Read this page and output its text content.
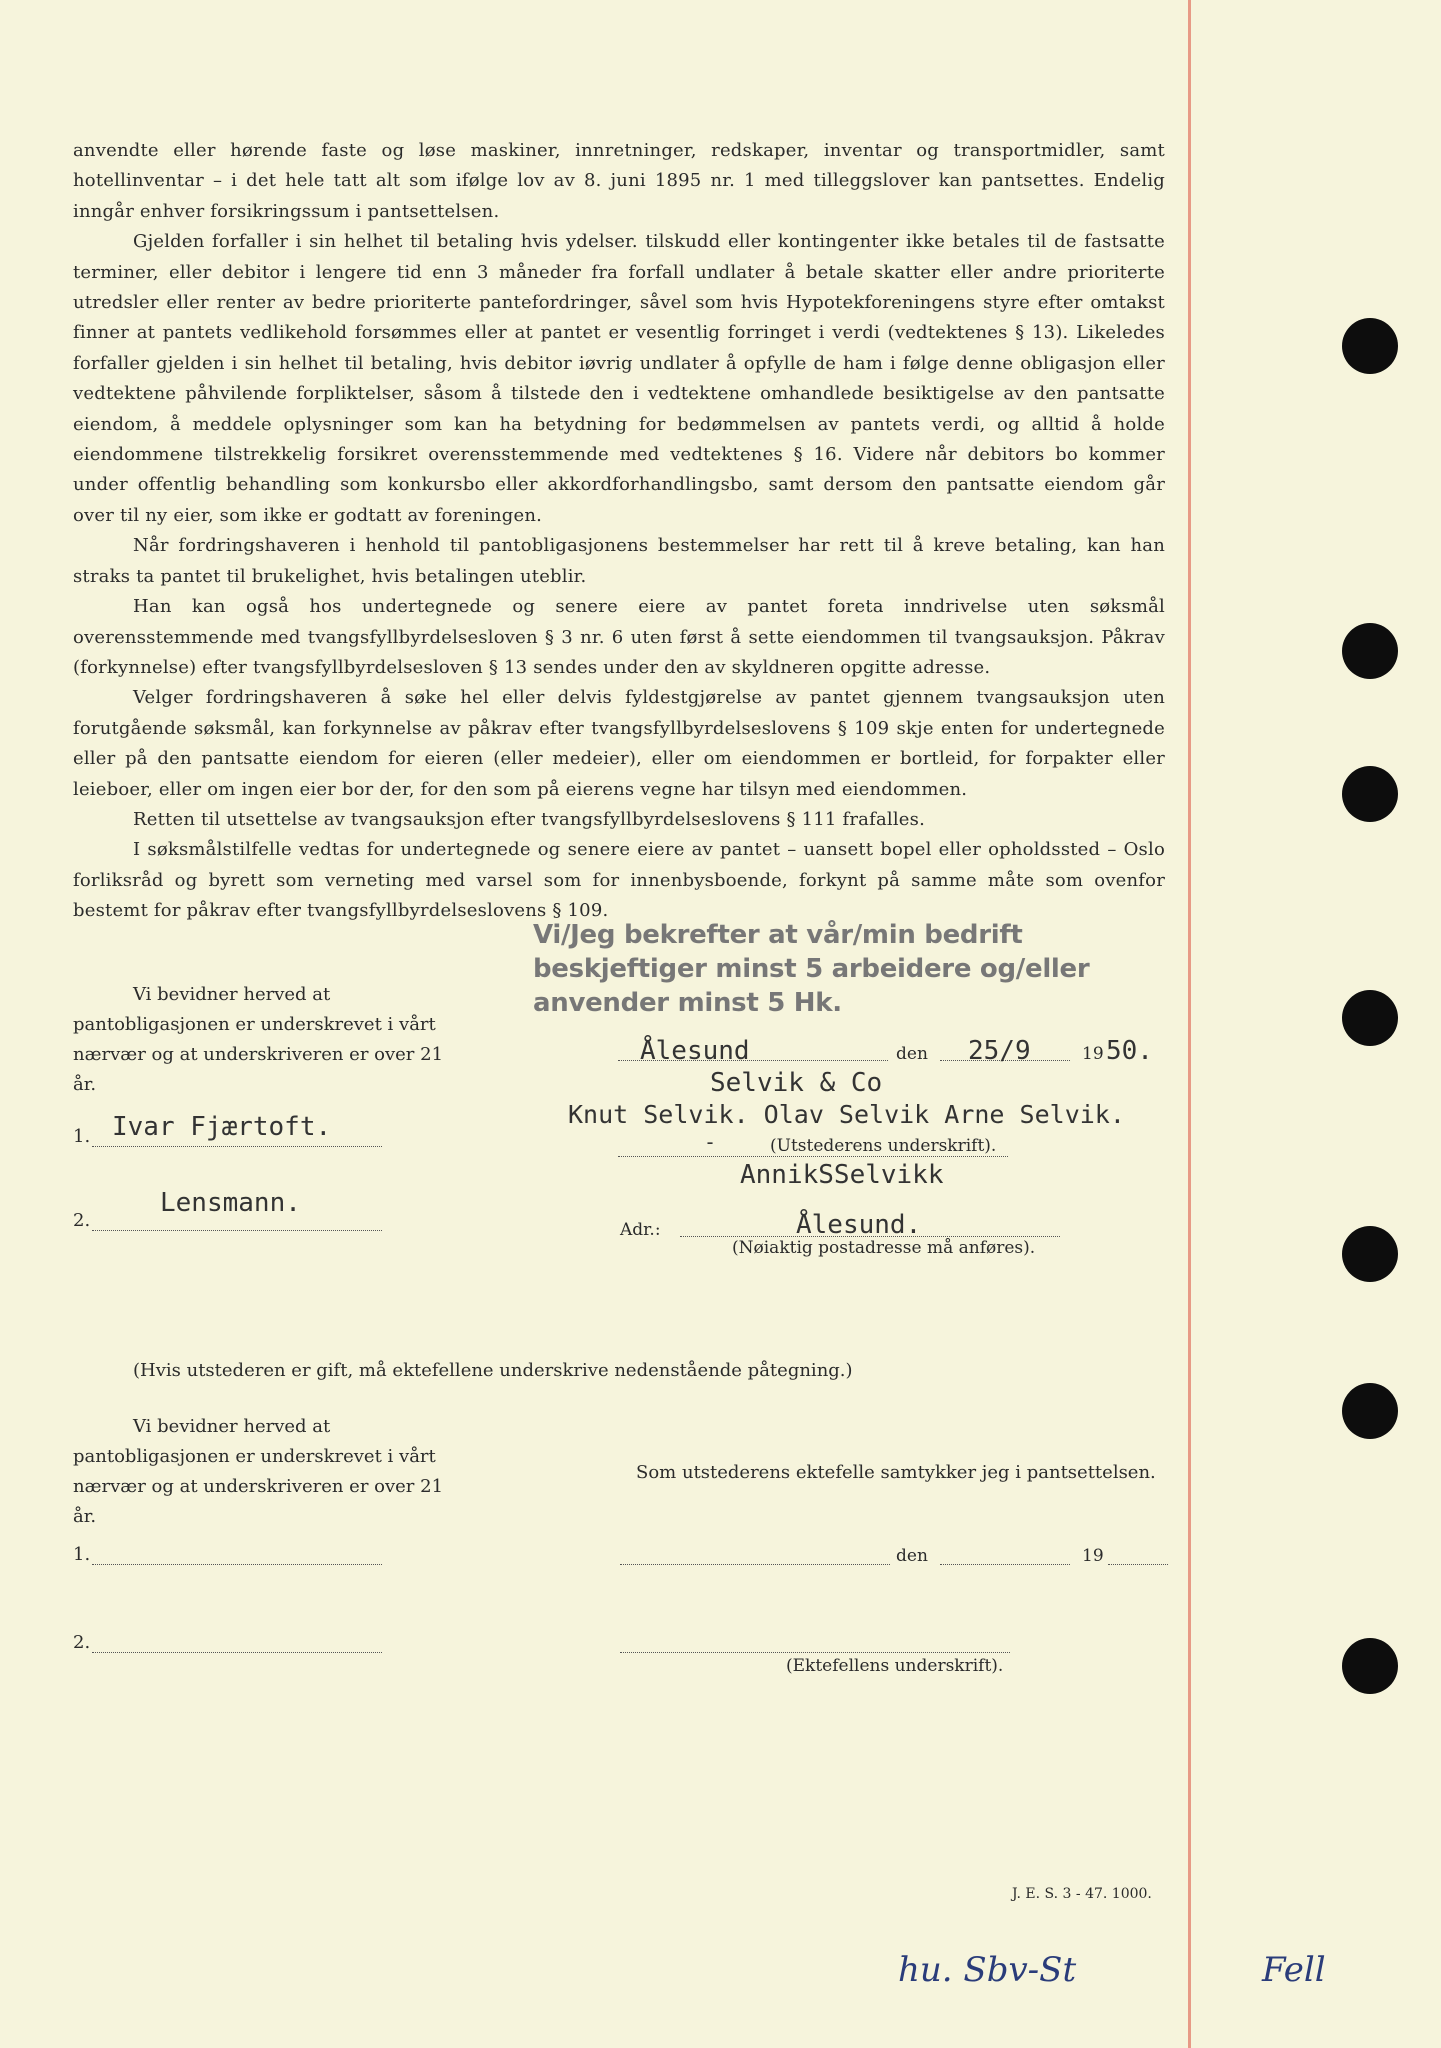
anvendte eller hørende faste og løse maskiner, innretninger, redskaper, inventar og transportmidler, samt hotellinventar – i det hele tatt alt som ifølge lov av 8. juni 1895 nr. 1 med tilleggslover kan pantsettes. Endelig inngår enhver forsikringssum i pantsettelsen.

Gjelden forfaller i sin helhet til betaling hvis ydelser. tilskudd eller kontingenter ikke betales til de fastsatte terminer, eller debitor i lengere tid enn 3 måneder fra forfall undlater å betale skatter eller andre prioriterte utredsler eller renter av bedre prioriterte pantefordringer, såvel som hvis Hypotekforeningens styre efter omtakst finner at pantets vedlikehold forsømmes eller at pantet er vesentlig forringet i verdi (vedtektenes § 13). Likeledes forfaller gjelden i sin helhet til betaling, hvis debitor iøvrig undlater å opfylle de ham i følge denne obligasjon eller vedtektene påhvilende forpliktelser, såsom å tilstede den i vedtektene omhandlede besiktigelse av den pantsatte eiendom, å meddele oplysninger som kan ha betydning for bedømmelsen av pantets verdi, og alltid å holde eiendommene tilstrekkelig forsikret overensstemmende med vedtektenes § 16. Videre når debitors bo kommer under offentlig behandling som konkursbo eller akkordforhandlingsbo, samt dersom den pantsatte eiendom går over til ny eier, som ikke er godtatt av foreningen.

Når fordringshaveren i henhold til pantobligasjonens bestemmelser har rett til å kreve betaling, kan han straks ta pantet til brukelighet, hvis betalingen uteblir.

Han kan også hos undertegnede og senere eiere av pantet foreta inndrivelse uten søksmål overensstemmende med tvangsfyllbyrdelsesloven § 3 nr. 6 uten først å sette eiendommen til tvangsauksjon. Påkrav (forkynnelse) efter tvangsfyllbyrdelsesloven § 13 sendes under den av skyldneren opgitte adresse.

Velger fordringshaveren å søke hel eller delvis fyldestgjørelse av pantet gjennem tvangsauksjon uten forutgående søksmål, kan forkynnelse av påkrav efter tvangsfyllbyrdelseslovens § 109 skje enten for undertegnede eller på den pantsatte eiendom for eieren (eller medeier), eller om eiendommen er bortleid, for forpakter eller leieboer, eller om ingen eier bor der, for den som på eierens vegne har tilsyn med eiendommen.

Retten til utsettelse av tvangsauksjon efter tvangsfyllbyrdelseslovens § 111 frafalles.

I søksmålstilfelle vedtas for undertegnede og senere eiere av pantet – uansett bopel eller opholdssted – Oslo forliksråd og byrett som verneting med varsel som for innenbysboende, forkynt på samme måte som ovenfor bestemt for påkrav efter tvangsfyllbyrdelseslovens § 109.

Vi/Jeg bekrefter at vår/min bedrift
beskjeftiger minst 5 arbeidere og/eller
anvender minst 5 Hk.

Vi bevidner herved at pantobligasjonen er underskrevet i vårt nærvær og at underskriveren er over 21 år.

1. Ivar Fjærtoft.
2.
Lensmann.
Ålesund	den 25/9	19 50.
Selvik & Co
Knut Selvik. Olav Selvik Arne Selvik.
-	(Utstederens underskrift).
AnnikSSelvikk
Adr.:	Ålesund.
(Nøiaktig postadresse må anføres).
(Hvis utstederen er gift, må ektefellene underskrive nedenstående påtegning.)

Vi bevidner herved at pantobligasjonen er underskrevet i vårt nærvær og at underskriveren er over 21 år.

Som utstederens ektefelle samtykker jeg i pantsettelsen.
1.	den	19
2.
(Ektefellens underskrift).
J. E. S. 3 - 47. 1000.
hu. Sbv-St	Fell
